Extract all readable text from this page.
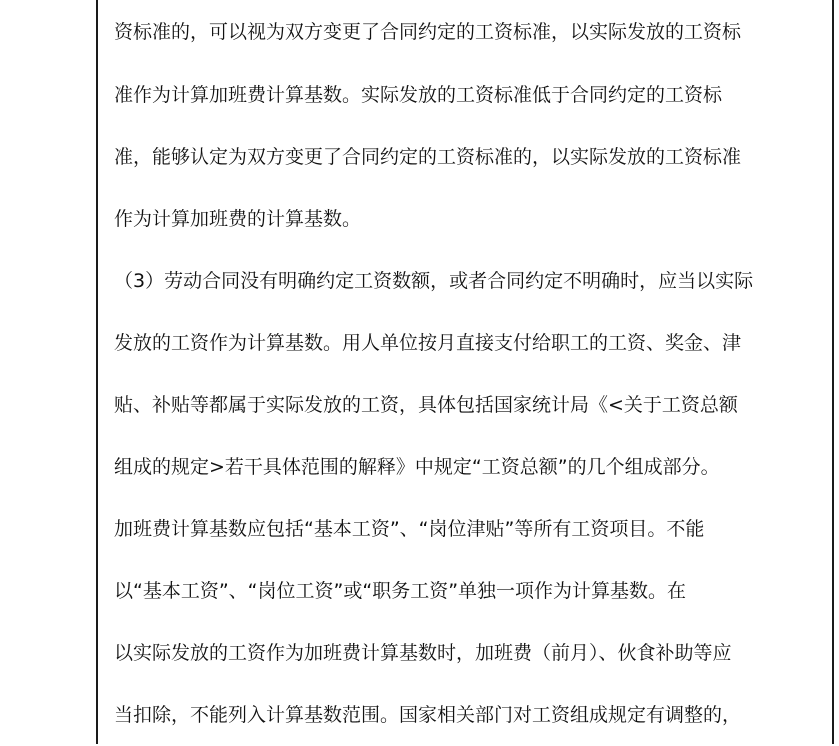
资标准的，可以视为双方变更了合同约定的工资标准，以实际发放的工资标
准作为计算加班费计算基数。实际发放的工资标准低于合同约定的工资标
准，能够认定为双方变更了合同约定的工资标准的，以实际发放的工资标准
作为计算加班费的计算基数。
（3）劳动合同没有明确约定工资数额，或者合同约定不明确时，应当以实际
发放的工资作为计算基数。用人单位按月直接支付给职工的工资、奖金、津
贴、补贴等都属于实际发放的工资，具体包括国家统计局《<关于工资总额
组成的规定>若干具体范围的解释》中规定“工资总额”的几个组成部分。
加班费计算基数应包括“基本工资”、“岗位津贴”等所有工资项目。不能
以“基本工资”、“岗位工资”或“职务工资”单独一项作为计算基数。在
以实际发放的工资作为加班费计算基数时，加班费（前月）、伙食补助等应
当扣除，不能列入计算基数范围。国家相关部门对工资组成规定有调整的，
